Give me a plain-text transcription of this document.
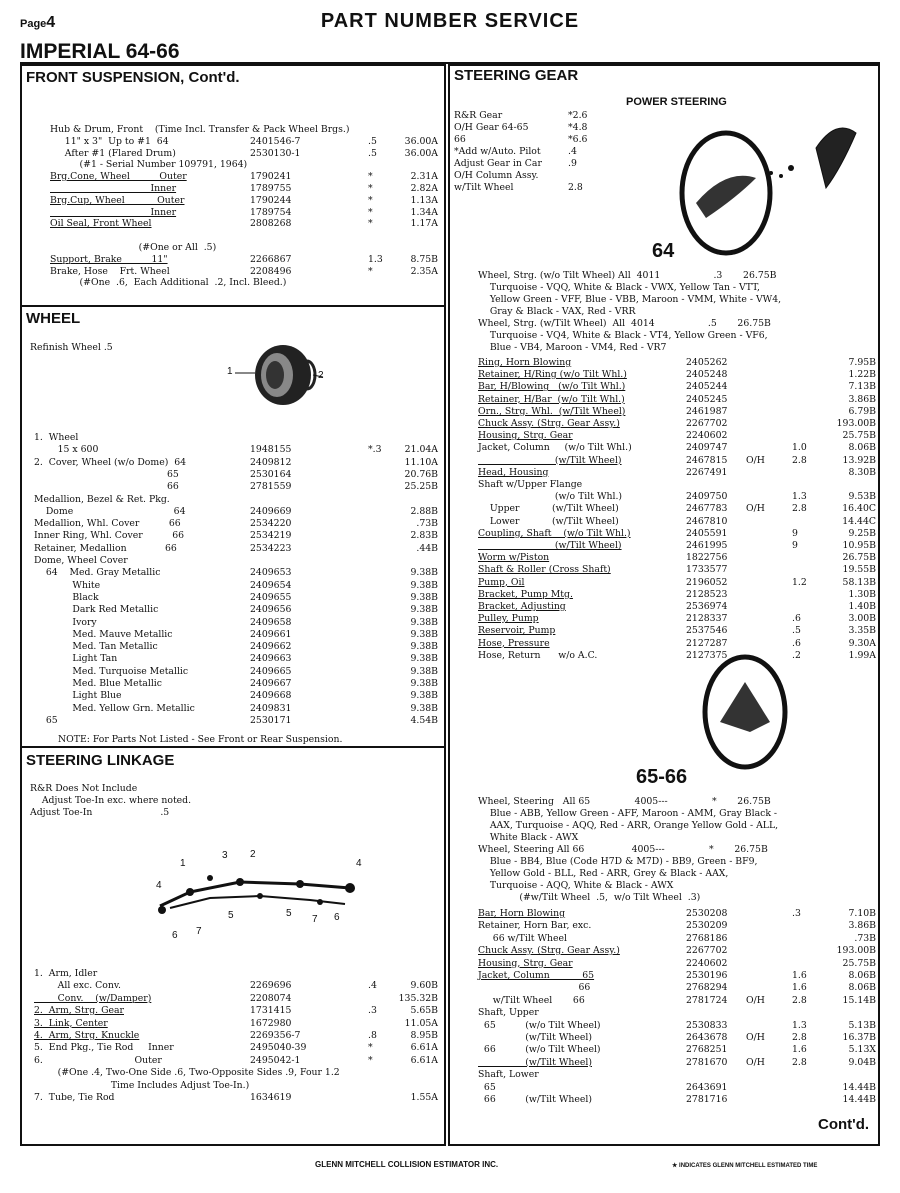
Page4	PART NUMBER SERVICE
IMPERIAL 64-66
FRONT SUSPENSION, Cont'd.
WHEEL
STEERING LINKAGE
STEERING GEAR
POWER STEERING
Hub & Drum, Front    (Time Incl. Transfer & Pack Wheel Brgs.)
11" x 3"  Up to #1  64	2401546-7	.5	36.00A
After #1 (Flared Drum)	2530130-1	.5	36.00A
(#1 - Serial Number 109791, 1964)
Brg.Cone, Wheel          Outer	1790241	*	2.31A
Inner	1789755	*	2.82A
Brg.Cup, Wheel           Outer	1790244	*	1.13A
Inner	1789754	*	1.34A
Oil Seal, Front Wheel	2808268	*	1.17A
(#One or All  .5)
Support, Brake          11"	2266867	1.3	8.75B
Brake, Hose    Frt. Wheel	2208496	*	2.35A
(#One  .6,  Each Additional  .2, Incl. Bleed.)
1.  Wheel
15 x 600	1948155	*.3 21.04A
2.  Cover, Wheel (w/o Dome)  64	2409812	11.10A
65	2530164	20.76B
66	2781559	25.25B
Medallion, Bezel & Ret. Pkg.
Dome                                  64	2409669	2.88B
Medallion, Whl. Cover          66	2534220	.73B
Inner Ring, Whl. Cover          66	2534219	2.83B
Retainer, Medallion             66	2534223	.44B
Dome, Wheel Cover
64    Med. Gray Metallic	2409653	9.38B
White	2409654	9.38B
Black	2409655	9.38B
Dark Red Metallic	2409656	9.38B
Ivory	2409658	9.38B
Med. Mauve Metallic	2409661	9.38B
Med. Tan Metallic	2409662	9.38B
Light Tan	2409663	9.38B
Med. Turquoise Metallic	2409665	9.38B
Med. Blue Metallic	2409667	9.38B
Light Blue	2409668	9.38B
Med. Yellow Grn. Metallic	2409831	9.38B
65	2530171	4.54B
1.  Arm, Idler
All exc. Conv.	2269696	.4	9.60B
Conv.    (w/Damper)	2208074	135.32B
2.  Arm, Strg. Gear	1731415	.3	5.65B
3.  Link, Center	1672980	11.05A
4.  Arm, Strg. Knuckle	2269356-7	.8	8.95B
5.  End Pkg., Tie Rod     Inner	2495040-39	*	6.61A
6.                               Outer	2495042-1	*	6.61A
(#One .4, Two-One Side .6, Two-Opposite Sides .9, Four 1.2
Time Includes Adjust Toe-In.)
7.  Tube, Tie Rod	1634619	1.55A
R&R Gear	*2.6
O/H Gear 64-65	*4.8
66	*6.6
*Add w/Auto. Pilot	.4
Adjust Gear in Car	.9
O/H Column Assy.
w/Tilt Wheel	2.8
Ring, Horn Blowing	2405262	7.95B
Retainer, H/Ring (w/o Tilt Whl.)	2405248	1.22B
Bar, H/Blowing   (w/o Tilt Whl.)	2405244	7.13B
Retainer, H/Bar  (w/o Tilt Whl.)	2405245	3.86B
Orn., Strg. Whl.  (w/Tilt Wheel)	2461987	6.79B
Chuck Assy. (Strg. Gear Assy.)	2267702	193.00B
Housing, Strg. Gear	2240602	25.75B
Jacket, Column     (w/o Tilt Whl.)	2409747	1.0	8.06B
(w/Tilt Wheel)	2467815 O/H	2.8	13.92B
Head, Housing	2267491	8.30B
Shaft w/Upper Flange
(w/o Tilt Whl.)	2409750	1.3	9.53B
Upper           (w/Tilt Wheel)	2467783 O/H	2.8	16.40C
Lower           (w/Tilt Wheel)	2467810	14.44C
Coupling, Shaft    (w/o Tilt Whl.)	2405591	9	9.25B
(w/Tilt Wheel)	2461995	9	10.95B
Worm w/Piston	1822756	26.75B
Shaft & Roller (Cross Shaft)	1733577	19.55B
Pump, Oil	2196052	1.2	58.13B
Bracket, Pump Mtg.	2128523	1.30B
Bracket, Adjusting	2536974	1.40B
Pulley, Pump	2128337	.6	3.00B
Reservoir, Pump	2537546	.5	3.35B
Hose, Pressure	2127287	.6	9.30A
Hose, Return      w/o A.C.	2127375	.2	1.99A
Bar, Horn Blowing	2530208	.3	7.10B
Retainer, Horn Bar, exc.	2530209	3.86B
66 w/Tilt Wheel	2768186	.73B
Chuck Assy. (Strg. Gear Assy.)	2267702	193.00B
Housing, Strg. Gear	2240602	25.75B
Jacket, Column           65	2530196	1.6	8.06B
66	2768294	1.6	8.06B
w/Tilt Wheel       66	2781724 O/H	2.8	15.14B
Shaft, Upper
65          (w/o Tilt Wheel)	2530833	1.3	5.13B
(w/Tilt Wheel)	2643678 O/H	2.8	16.37B
66          (w/o Tilt Wheel)	2768251	1.6	5.13X
(w/Tilt Wheel)	2781670 O/H	2.8	9.04B
Shaft, Lower
65	2643691	14.44B
66          (w/Tilt Wheel)	2781716	14.44B
Refinish Wheel .5
NOTE: For Parts Not Listed - See Front or Rear Suspension.
R&R Does Not Include
Adjust Toe-In exc. where noted.
Adjust Toe-In                       .5
Wheel, Strg. (w/o Tilt Wheel) All  4011                  .3       26.75B
Turquoise - VQQ, White & Black - VWX, Yellow Tan - VTT,
Yellow Green - VFF, Blue - VBB, Maroon - VMM, White - VW4,
Gray & Black - VAX, Red - VRR
Wheel, Strg. (w/Tilt Wheel)  All  4014                  .5       26.75B
Turquoise - VQ4, White & Black - VT4, Yellow Green - VF6,
Blue - VB4, Maroon - VM4, Red - VR7
Wheel, Steering   All 65               4005---               *       26.75B
Blue - ABB, Yellow Green - AFF, Maroon - AMM, Gray Black -
AAX, Turquoise - AQQ, Red - ARR, Orange Yellow Gold - ALL,
White Black - AWX
Wheel, Steering All 66                4005---               *       26.75B
Blue - BB4, Blue (Code H7D & M7D) - BB9, Green - BF9,
Yellow Gold - BLL, Red - ARR, Grey & Black - AAX,
Turquoise - AQQ, White & Black - AWX
(#w/Tilt Wheel  .5,  w/o Tilt Wheel  .3)
64
65-66
Cont'd.
GLENN MITCHELL COLLISION ESTIMATOR INC.	★ INDICATES GLENN MITCHELL ESTIMATED TIME
1	2
1
2
3
4
4
5	5
6
6
7
7
